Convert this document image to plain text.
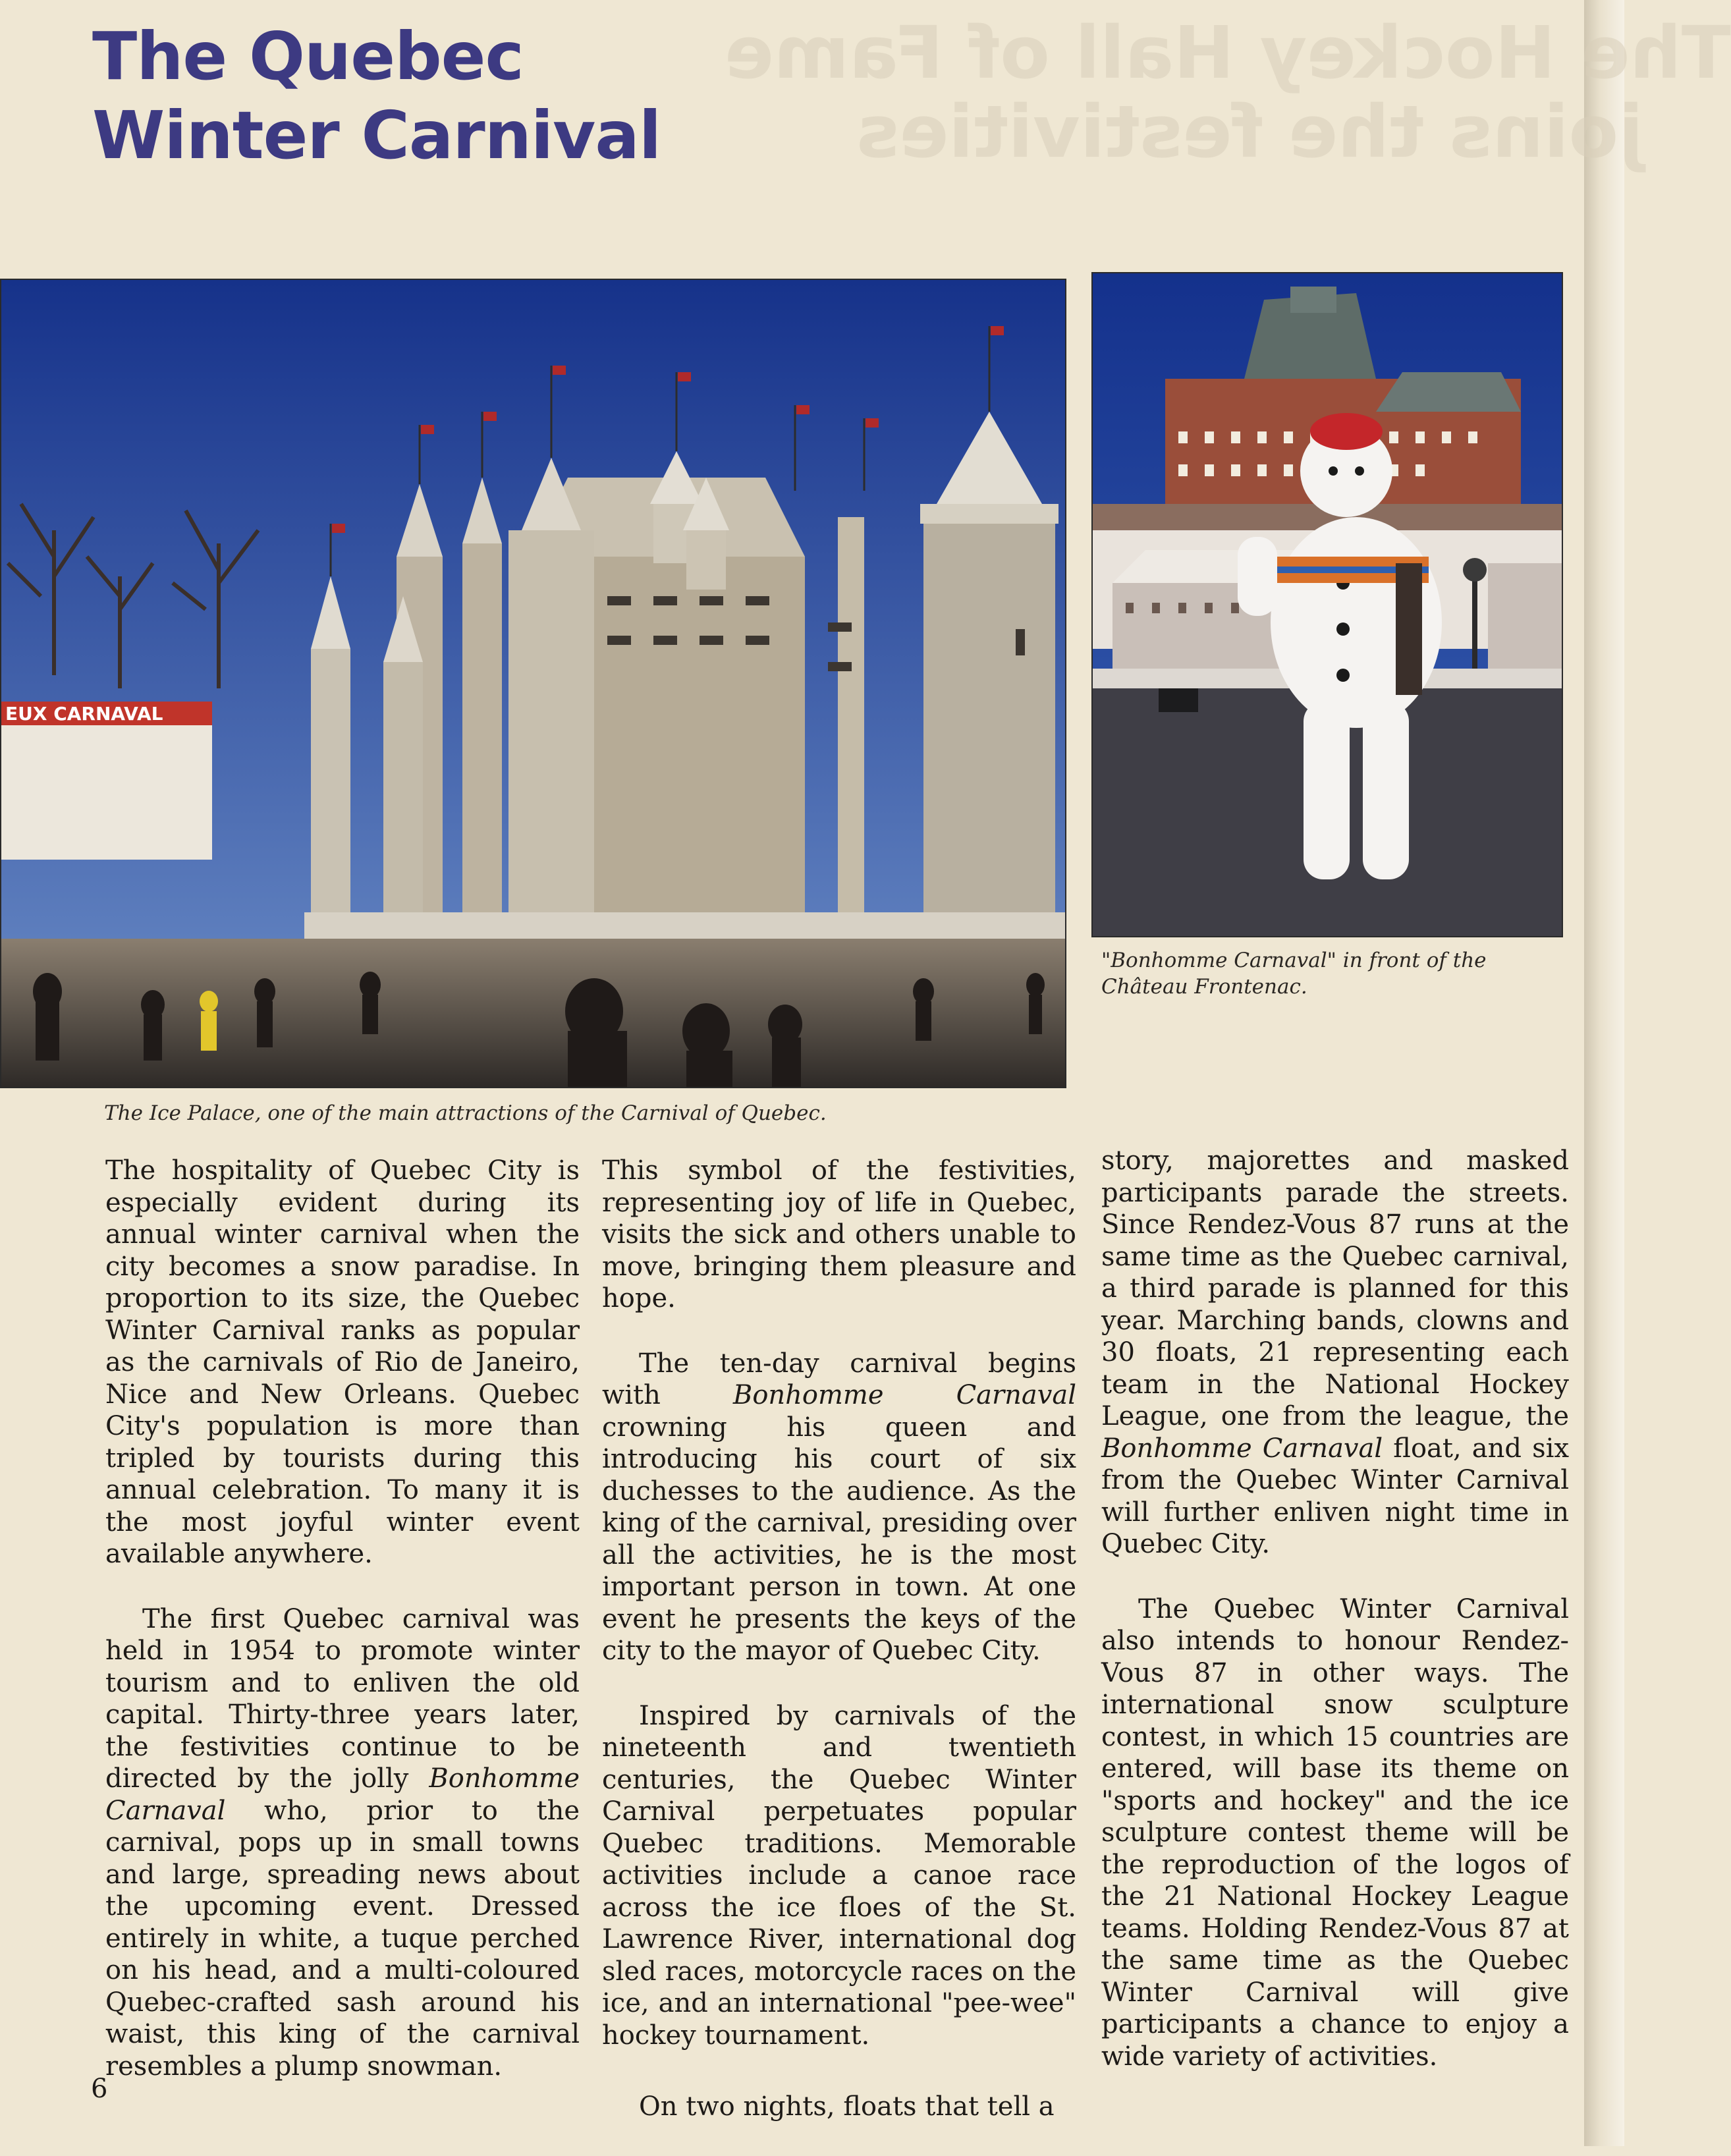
The Hockey Hall of Fame
joins the festivities
The Quebec
Winter Carnival
EUX CARNAVAL
The Ice Palace, one of the main attractions of the Carnival of Quebec.
"Bonhomme Carnaval" in front of the
Château Frontenac.

The hospitality of Quebec City is especially evident during its annual winter carnival when the city becomes a snow paradise. In proportion to its size, the Quebec Winter Carnival ranks as popular as the carnivals of Rio de Janeiro, Nice and New Orleans. Quebec City's population is more than tripled by tourists during this annual celebration. To many it is the most joyful winter event available anywhere.

The first Quebec carnival was held in 1954 to promote winter tourism and to enliven the old capital. Thirty-three years later, the festivities continue to be directed by the jolly Bonhomme Carnaval who, prior to the carnival, pops up in small towns and large, spreading news about the upcoming event. Dressed entirely in white, a tuque perched on his head, and a multi-coloured Quebec-crafted sash around his waist, this king of the carnival resembles a plump snowman.

This symbol of the festivities, representing joy of life in Quebec, visits the sick and others unable to move, bringing them pleasure and hope.

The ten-day carnival begins with Bonhomme Carnaval crowning his queen and introducing his court of six duchesses to the audience. As the king of the carnival, presiding over all the activities, he is the most important person in town. At one event he presents the keys of the city to the mayor of Quebec City.

Inspired by carnivals of the nineteenth and twentieth centuries, the Quebec Winter Carnival perpetuates popular Quebec traditions. Memorable activities include a canoe race across the ice floes of the St. Lawrence River, international dog sled races, motorcycle races on the ice, and an international "pee-wee" hockey tournament.

On two nights, floats that tell a

story, majorettes and masked participants parade the streets. Since Rendez-Vous 87 runs at the same time as the Quebec carnival, a third parade is planned for this year. Marching bands, clowns and 30 floats, 21 representing each team in the National Hockey League, one from the league, the Bonhomme Carnaval float, and six from the Quebec Winter Carnival will further enliven night time in Quebec City.

The Quebec Winter Carnival also intends to honour Rendez-Vous 87 in other ways. The international snow sculpture contest, in which 15 countries are entered, will base its theme on "sports and hockey" and the ice sculpture contest theme will be the reproduction of the logos of the 21 National Hockey League teams. Holding Rendez-Vous 87 at the same time as the Quebec Winter Carnival will give participants a chance to enjoy a wide variety of activities.

6
